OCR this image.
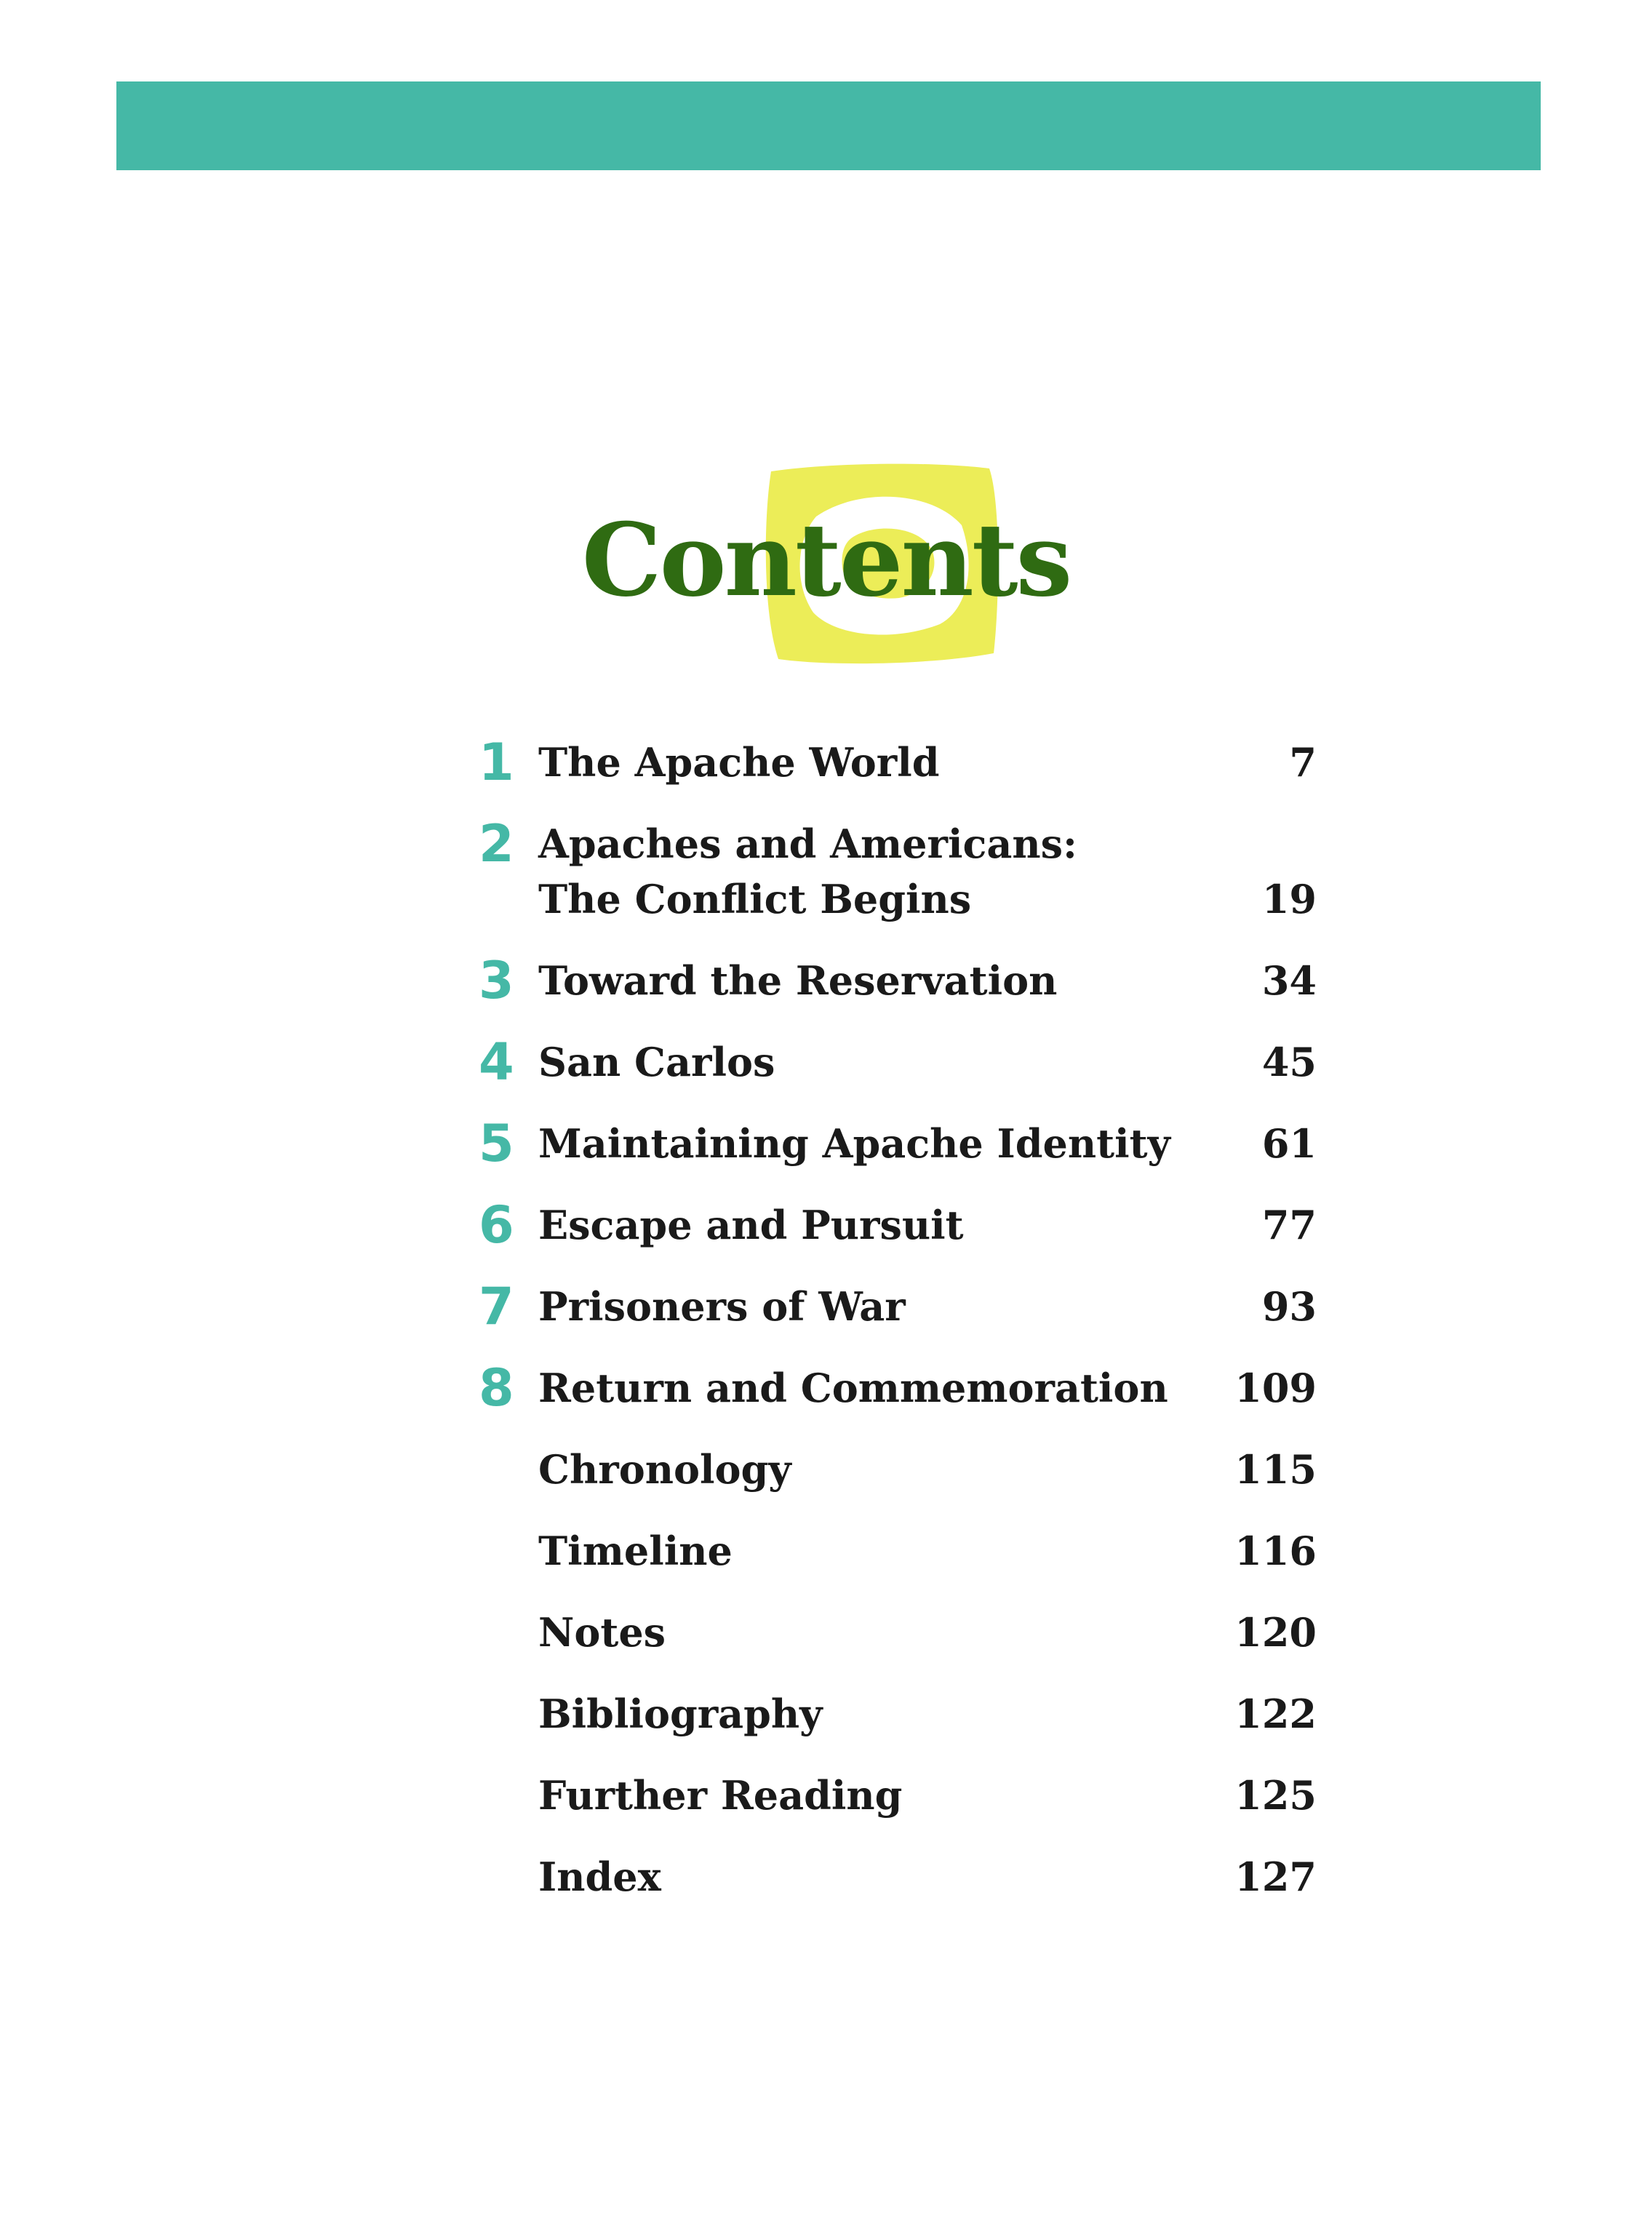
Contents
1 The Apache World	7
2 Apaches and Americans:
The Conflict Begins	19
3 Toward the Reservation	34
4 San Carlos	45
5 Maintaining Apache Identity 61
6 Escape and Pursuit	77
7 Prisoners of War	93
8 Return and Commemoration 109
Chronology	115
Timeline	116
Notes	120
Bibliography	122
Further Reading	125
Index	127
